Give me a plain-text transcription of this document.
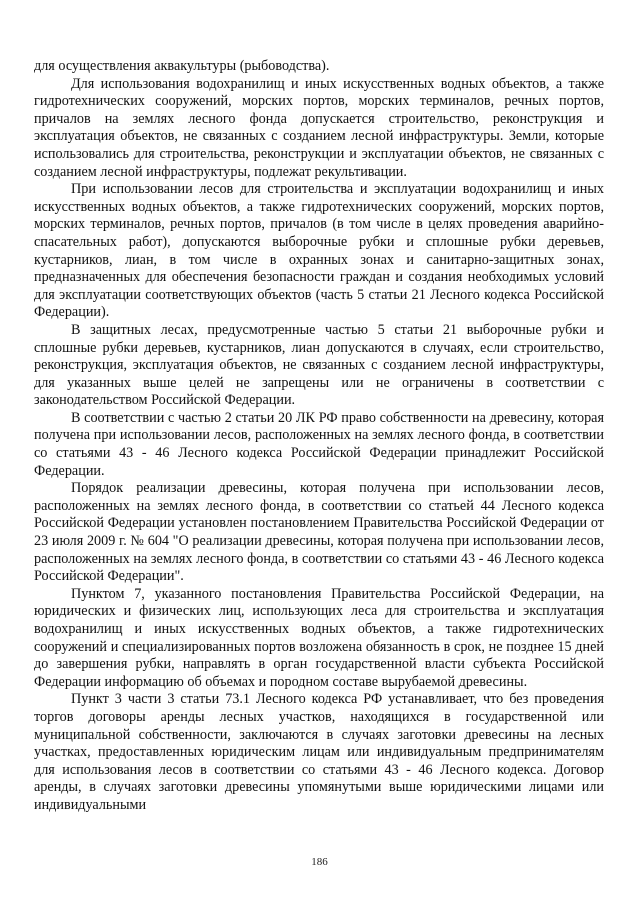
для осуществления аквакультуры (рыбоводства).

Для использования водохранилищ и иных искусственных водных объектов, а также гидротехнических сооружений, морских портов, морских терминалов, речных портов, причалов на землях лесного фонда допускается строительство, реконструкция и эксплуатация объектов, не связанных с созданием лесной инфраструктуры. Земли, которые использовались для строительства, реконструкции и эксплуатации объектов, не связанных с созданием лесной инфраструктуры, подлежат рекультивации.

При использовании лесов для строительства и эксплуатации водохранилищ и иных искусственных водных объектов, а также гидротехнических сооружений, морских портов, морских терминалов, речных портов, причалов (в том числе в целях проведения аварийно-спасательных работ), допускаются выборочные рубки и сплошные рубки деревьев, кустарников, лиан, в том числе в охранных зонах и санитарно-защитных зонах, предназначенных для обеспечения безопасности граждан и создания необходимых условий для эксплуатации соответствующих объектов (часть 5 статьи 21 Лесного кодекса Российской Федерации).

В защитных лесах, предусмотренные частью 5 статьи 21 выборочные рубки и сплошные рубки деревьев, кустарников, лиан допускаются в случаях, если строительство, реконструкция, эксплуатация объектов, не связанных с созданием лесной инфраструктуры, для указанных выше целей не запрещены или не ограничены в соответствии с законодательством Российской Федерации.

В соответствии с частью 2 статьи 20 ЛК РФ право собственности на древесину, которая получена при использовании лесов, расположенных на землях лесного фонда, в соответствии со статьями 43 - 46 Лесного кодекса Российской Федерации принадлежит Российской Федерации.

Порядок реализации древесины, которая получена при использовании лесов, расположенных на землях лесного фонда, в соответствии со статьей 44 Лесного кодекса Российской Федерации установлен постановлением Правительства Российской Федерации от 23 июля 2009 г. № 604 "О реализации древесины, которая получена при использовании лесов, расположенных на землях лесного фонда, в соответствии со статьями 43 - 46 Лесного кодекса Российской Федерации".

Пунктом 7, указанного постановления Правительства Российской Федерации, на юридических и физических лиц, использующих леса для строительства и эксплуатация водохранилищ и иных искусственных водных объектов, а также гидротехнических сооружений и специализированных портов возложена обязанность в срок, не позднее 15 дней до завершения рубки, направлять в орган государственной власти субъекта Российской Федерации информацию об объемах и породном составе вырубаемой древесины.

Пункт 3 части 3 статьи 73.1 Лесного кодекса РФ устанавливает, что без проведения торгов договоры аренды лесных участков, находящихся в государственной или муниципальной собственности, заключаются в случаях заготовки древесины на лесных участках, предоставленных юридическим лицам или индивидуальным предпринимателям для использования лесов в соответствии со статьями 43 - 46 Лесного кодекса. Договор аренды, в случаях заготовки древесины упомянутыми выше юридическими лицами или индивидуальными

186
